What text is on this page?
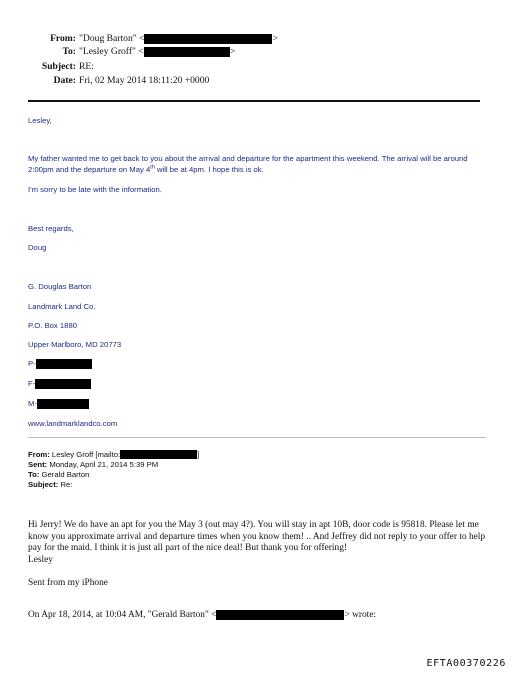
From: "Doug Barton" <	>
To: "Lesley Groff" <	>
Subject: RE:
Date: Fri, 02 May 2014 18:11:20 +0000
Lesley,
My father wanted me to get back to you about the arrival and departure for the apartment this weekend. The arrival will be around 2:00pm and the departure on May 4th will be at 4pm. I hope this is ok.
I'm sorry to be late with the information.
Best regards,
Doug
G. Douglas Barton
Landmark Land Co.
P.O. Box 1880
Upper Marlboro, MD 20773
P-
F-
M-
www.landmarklandco.com
From: Lesley Groff [mailto:	]
Sent: Monday, April 21, 2014 5:39 PM
To: Gerald Barton
Subject: Re:
Hi Jerry! We do have an apt for you the May 3 (out may 4?). You will stay in apt 10B, door code is 95818. Please let me know you approximate arrival and departure times when you know them! .. And Jeffrey did not reply to your offer to help pay for the maid. I think it is just all part of the nice deal! But thank you for offering!
Lesley
Sent from my iPhone
On Apr 18, 2014, at 10:04 AM, "Gerald Barton" <	> wrote:
EFTA00370226
